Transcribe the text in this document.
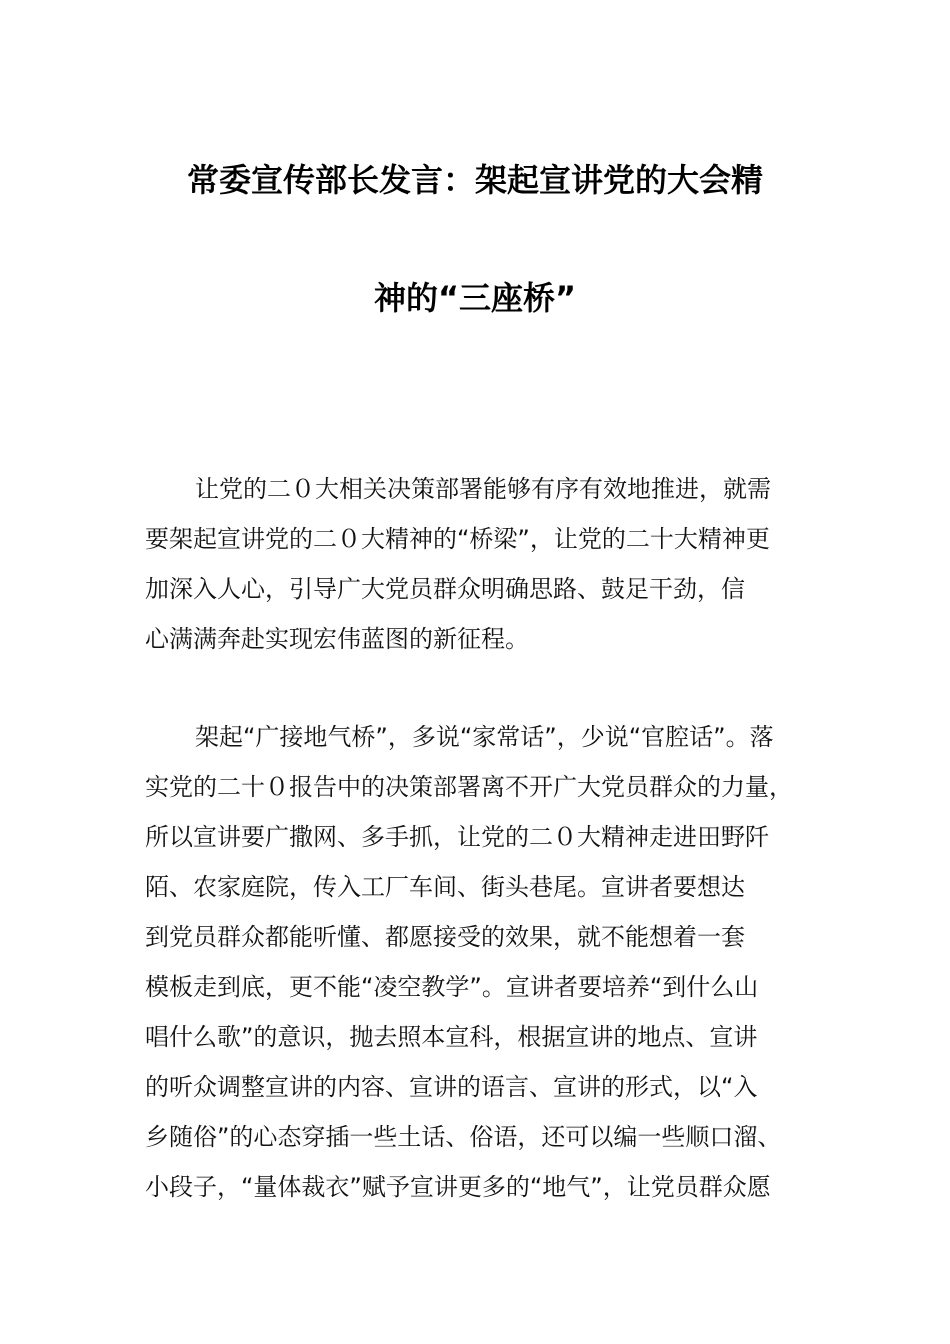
常委宣传部长发言：架起宣讲党的大会精
神的“三座桥”
让党的二０大相关决策部署能够有序有效地推进，就需
要架起宣讲党的二０大精神的“桥梁”，让党的二十大精神更
加深入人心，引导广大党员群众明确思路、鼓足干劲，信
心满满奔赴实现宏伟蓝图的新征程。
架起“广接地气桥”，多说“家常话”，少说“官腔话”。落
实党的二十０报告中的决策部署离不开广大党员群众的力量，
所以宣讲要广撒网、多手抓，让党的二０大精神走进田野阡
陌、农家庭院，传入工厂车间、街头巷尾。宣讲者要想达
到党员群众都能听懂、都愿接受的效果，就不能想着一套
模板走到底，更不能“凌空教学”。宣讲者要培养“到什么山
唱什么歌”的意识，抛去照本宣科，根据宣讲的地点、宣讲
的听众调整宣讲的内容、宣讲的语言、宣讲的形式，以“入
乡随俗”的心态穿插一些土话、俗语，还可以编一些顺口溜、
小段子，“量体裁衣”赋予宣讲更多的“地气”，让党员群众愿
